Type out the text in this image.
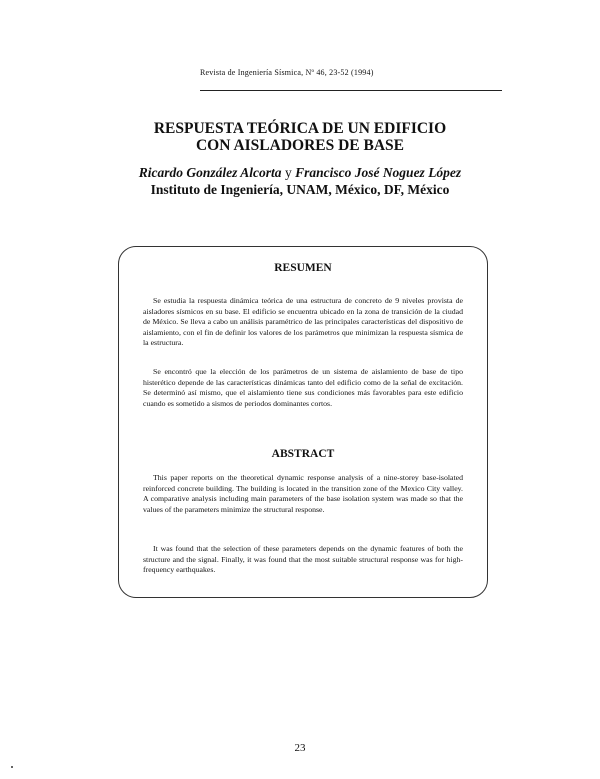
Revista de Ingeniería Sísmica, Nº 46, 23-52 (1994)
RESPUESTA TEÓRICA DE UN EDIFICIO
CON AISLADORES DE BASE
Ricardo González Alcorta y Francisco José Noguez López
Instituto de Ingeniería, UNAM, México, DF, México
RESUMEN

Se estudia la respuesta dinámica teórica de una estructura de concreto de 9 niveles provista de aisladores sísmicos en su base. El edificio se encuentra ubicado en la zona de transición de la ciudad de México. Se lleva a cabo un análisis paramétrico de las principales características del dispositivo de aislamiento, con el fin de definir los valores de los parámetros que minimizan la respuesta sísmica de la estructura.

Se encontró que la elección de los parámetros de un sistema de aislamiento de base de tipo histerético depende de las características dinámicas tanto del edificio como de la señal de excitación. Se determinó así mismo, que el aislamiento tiene sus condiciones más favorables para este edificio cuando es sometido a sismos de periodos dominantes cortos.

ABSTRACT

This paper reports on the theoretical dynamic response analysis of a nine-storey base-isolated reinforced concrete building. The building is located in the transition zone of the Mexico City valley. A comparative analysis including main parameters of the base isolation system was made so that the values of the parameters minimize the structural response.

It was found that the selection of these parameters depends on the dynamic features of both the structure and the signal. Finally, it was found that the most suitable structural response was for high-frequency earthquakes.

23
